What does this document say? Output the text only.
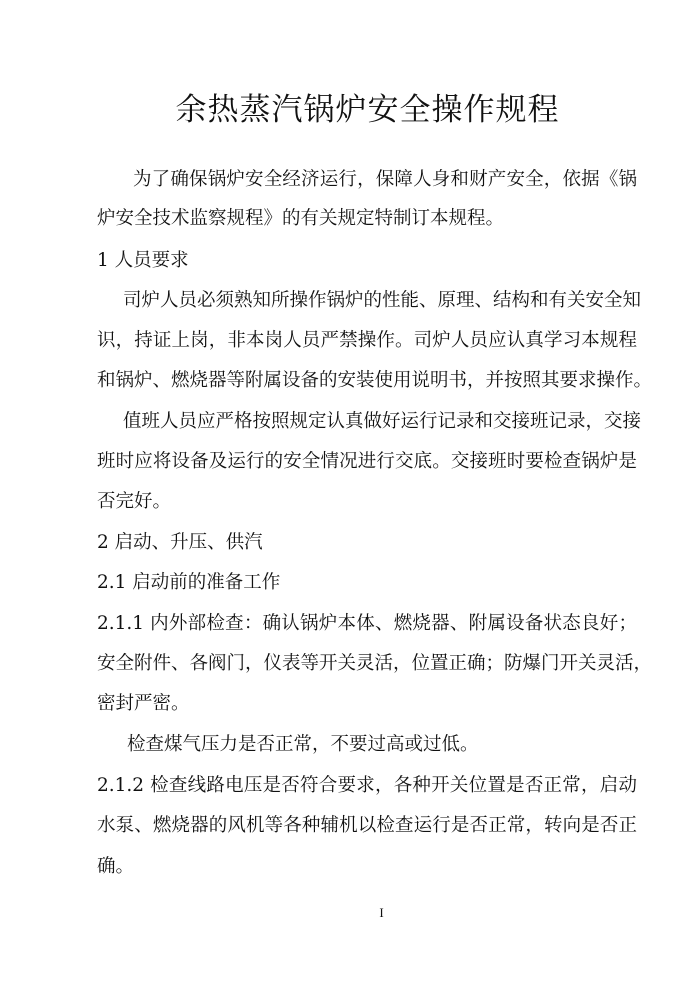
余热蒸汽锅炉安全操作规程
为了确保锅炉安全经济运行，保障人身和财产安全，依据《锅
炉安全技术监察规程》的有关规定特制订本规程。
1 人员要求
司炉人员必须熟知所操作锅炉的性能、原理、结构和有关安全知
识，持证上岗，非本岗人员严禁操作。司炉人员应认真学习本规程
和锅炉、燃烧器等附属设备的安装使用说明书，并按照其要求操作。
值班人员应严格按照规定认真做好运行记录和交接班记录，交接
班时应将设备及运行的安全情况进行交底。交接班时要检查锅炉是
否完好。
2 启动、升压、供汽
2.1 启动前的准备工作
2.1.1 内外部检查：确认锅炉本体、燃烧器、附属设备状态良好；
安全附件、各阀门，仪表等开关灵活，位置正确；防爆门开关灵活，
密封严密。
检查煤气压力是否正常，不要过高或过低。
2.1.2 检查线路电压是否符合要求，各种开关位置是否正常，启动
水泵、燃烧器的风机等各种辅机以检查运行是否正常，转向是否正
确。
I
